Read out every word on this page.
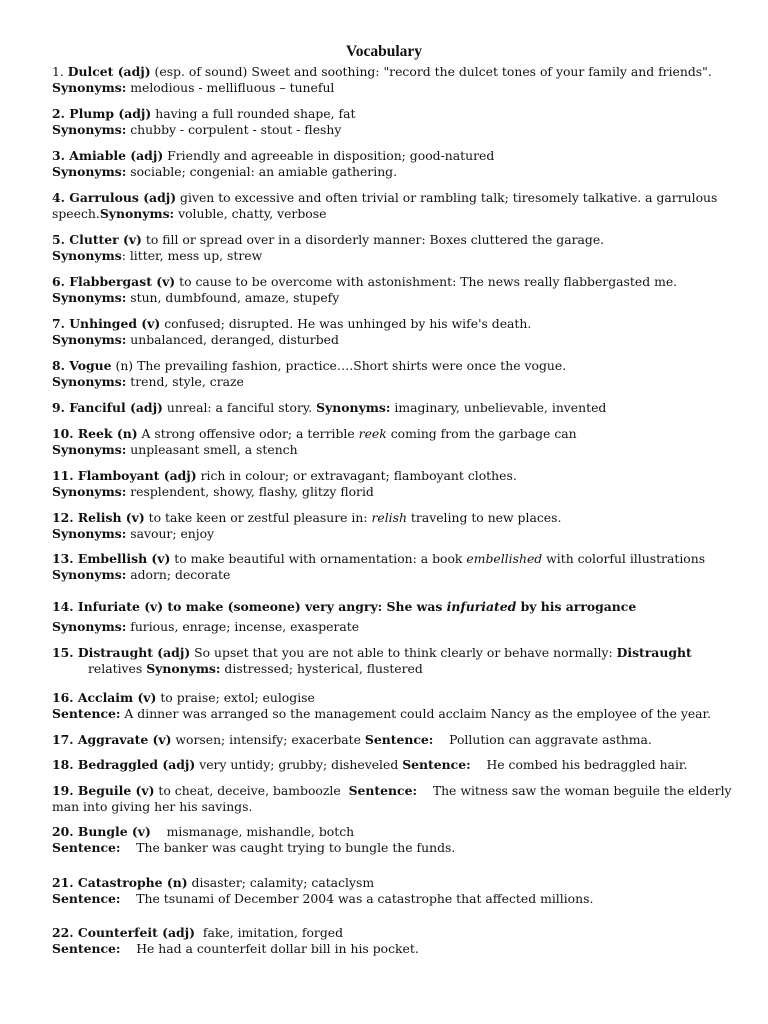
Vocabulary
1. Dulcet (adj) (esp. of sound) Sweet and soothing: "record the dulcet tones of your family and friends".
Synonyms: melodious - mellifluous – tuneful
2. Plump (adj) having a full rounded shape, fat
Synonyms: chubby - corpulent - stout - fleshy
3. Amiable (adj) Friendly and agreeable in disposition; good-natured
Synonyms: sociable; congenial: an amiable gathering.
4. Garrulous (adj) given to excessive and often trivial or rambling talk; tiresomely talkative. a garrulous
speech.Synonyms: voluble, chatty, verbose
5. Clutter (v) to fill or spread over in a disorderly manner: Boxes cluttered the garage.
Synonyms: litter, mess up, strew
6. Flabbergast (v) to cause to be overcome with astonishment: The news really flabbergasted me.
Synonyms: stun, dumbfound, amaze, stupefy
7. Unhinged (v) confused; disrupted. He was unhinged by his wife's death.
Synonyms: unbalanced, deranged, disturbed
8. Vogue (n) The prevailing fashion, practice….Short shirts were once the vogue.
Synonyms: trend, style, craze
9. Fanciful (adj) unreal: a fanciful story. Synonyms: imaginary, unbelievable, invented
10. Reek (n) A strong offensive odor; a terrible reek coming from the garbage can
Synonyms: unpleasant smell, a stench
11. Flamboyant (adj) rich in colour; or extravagant; flamboyant clothes.
Synonyms: resplendent, showy, flashy, glitzy florid
12. Relish (v) to take keen or zestful pleasure in: relish traveling to new places.
Synonyms: savour; enjoy
13. Embellish (v) to make beautiful with ornamentation: a book embellished with colorful illustrations
Synonyms: adorn; decorate
14. Infuriate (v) to make (someone) very angry: She was infuriated by his arrogance
Synonyms: furious, enrage; incense, exasperate
15. Distraught (adj) So upset that you are not able to think clearly or behave normally: Distraught
relatives Synonyms: distressed; hysterical, flustered
16. Acclaim (v) to praise; extol; eulogise
Sentence: A dinner was arranged so the management could acclaim Nancy as the employee of the year.
17. Aggravate (v) worsen; intensify; exacerbate Sentence:    Pollution can aggravate asthma.
18. Bedraggled (adj) very untidy; grubby; disheveled Sentence:    He combed his bedraggled hair.
19. Beguile (v) to cheat, deceive, bamboozle  Sentence:    The witness saw the woman beguile the elderly
man into giving her his savings.
20. Bungle (v)    mismanage, mishandle, botch
Sentence:    The banker was caught trying to bungle the funds.
21. Catastrophe (n) disaster; calamity; cataclysm
Sentence:    The tsunami of December 2004 was a catastrophe that affected millions.
22. Counterfeit (adj)  fake, imitation, forged
Sentence:    He had a counterfeit dollar bill in his pocket.
